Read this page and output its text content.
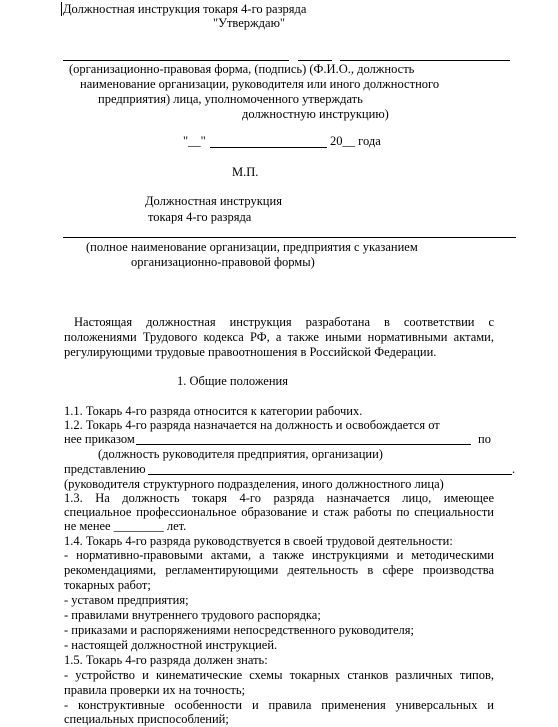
Должностная инструкция токаря 4-го разряда
"Утверждаю"
(организационно-правовая форма, (подпись) (Ф.И.О., должность
наименование организации, руководителя или иного должностного
предприятия) лица, уполномоченного утверждать
должностную инструкцию)
"__"	20__ года
М.П.
Должностная инструкция
токаря 4-го разряда
(полное наименование организации, предприятия с указанием
организационно-правовой формы)
Настоящая должностная инструкция разработана в соответствии с
положениями Трудового кодекса РФ, а также иными нормативными актами,
регулирующими трудовые правоотношения в Российской Федерации.
1. Общие положения
1.1. Токарь 4-го разряда относится к категории рабочих.
1.2. Токарь 4-го разряда назначается на должность и освобождается от
нее приказом	по
(должность руководителя предприятия, организации)
представлению	.
(руководителя структурного подразделения, иного должностного лица)
1.3. На должность токаря 4-го разряда назначается лицо, имеющее
специальное профессиональное образование и стаж работы по специальности
не менее ________ лет.
1.4. Токарь 4-го разряда руководствуется в своей трудовой деятельности:
- нормативно-правовыми актами, а также инструкциями и методическими
рекомендациями, регламентирующими деятельность в сфере производства
токарных работ;
- уставом предприятия;
- правилами внутреннего трудового распорядка;
- приказами и распоряжениями непосредственного руководителя;
- настоящей должностной инструкцией.
1.5. Токарь 4-го разряда должен знать:
- устройство и кинематические схемы токарных станков различных типов,
правила проверки их на точность;
- конструктивные особенности и правила применения универсальных и
специальных приспособлений;
